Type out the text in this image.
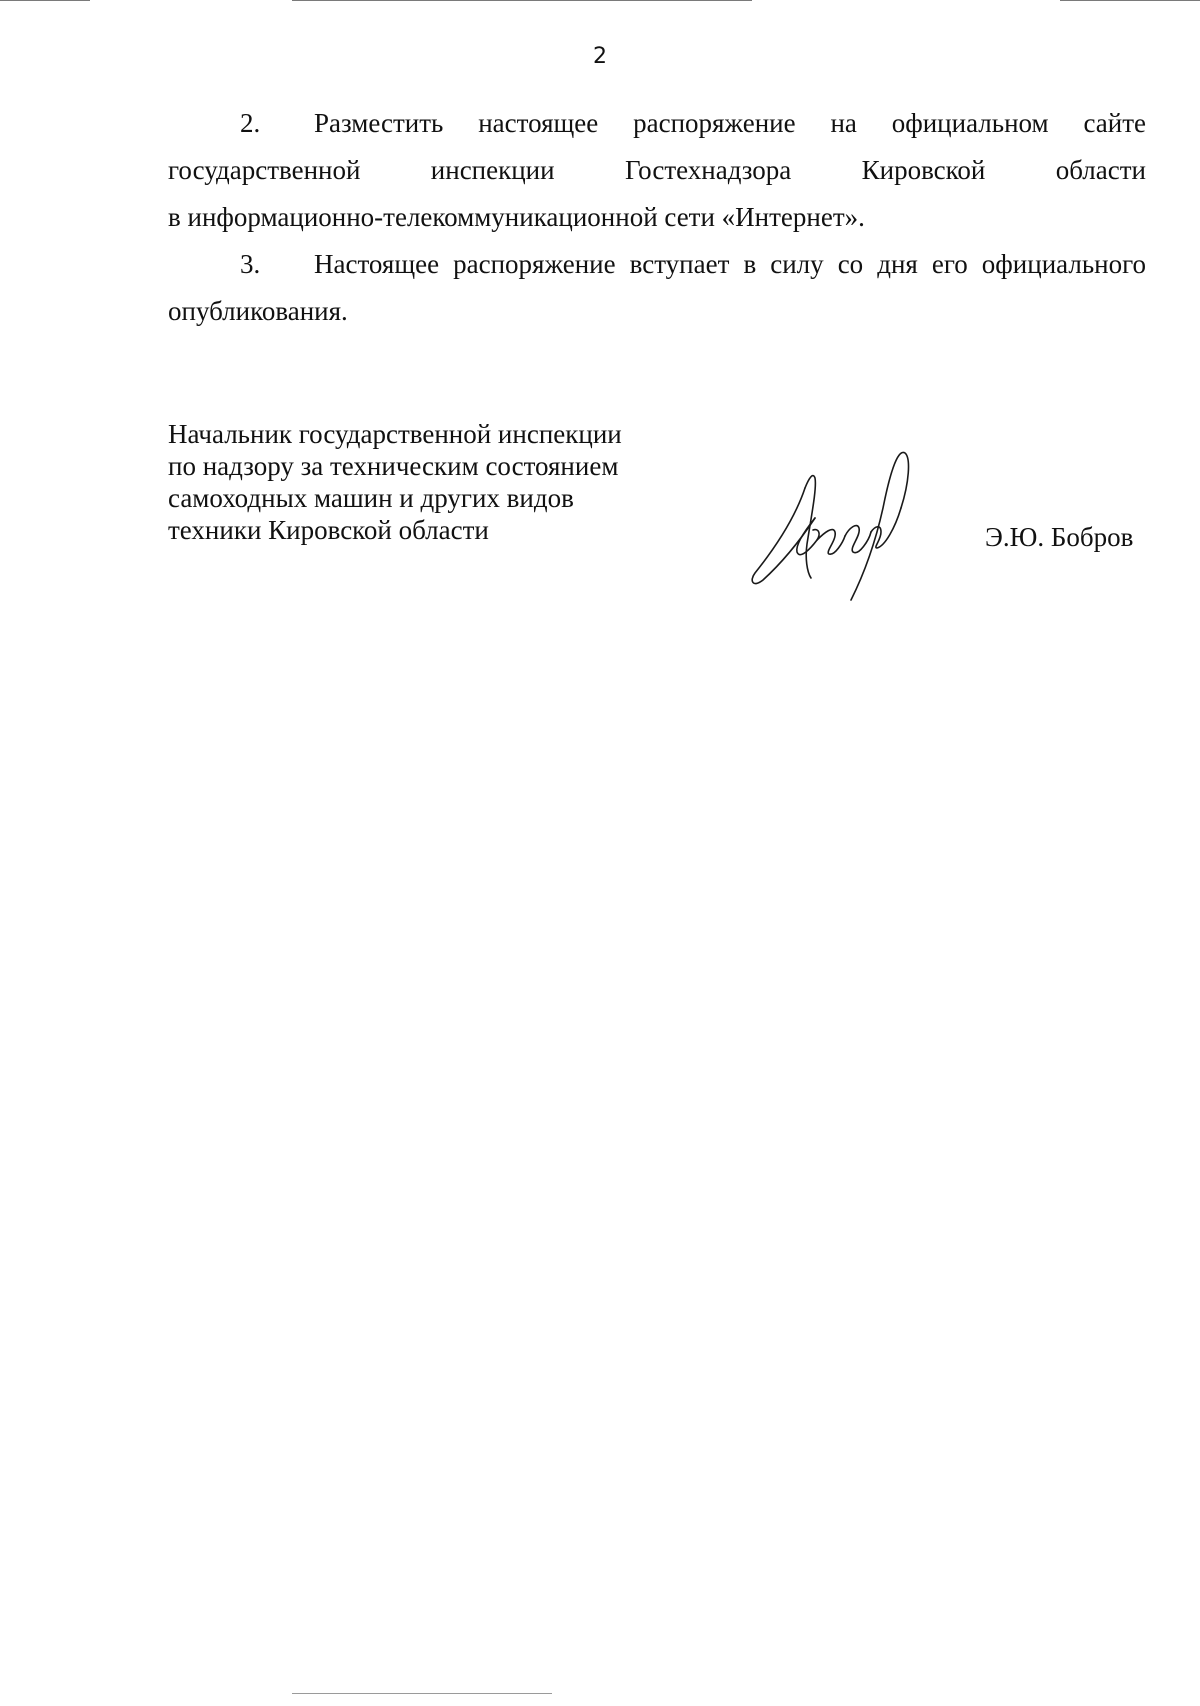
2

2. Разместить настоящее распоряжение на официальном сайте
государственной инспекции Гостехнадзора Кировской области
в информационно-телекоммуникационной сети «Интернет».

3. Настоящее распоряжение вступает в силу со дня его официального
опубликования.

Начальник государственной инспекции
по надзору за техническим состоянием
самоходных машин и других видов
техники Кировской области	Э.Ю. Бобров
